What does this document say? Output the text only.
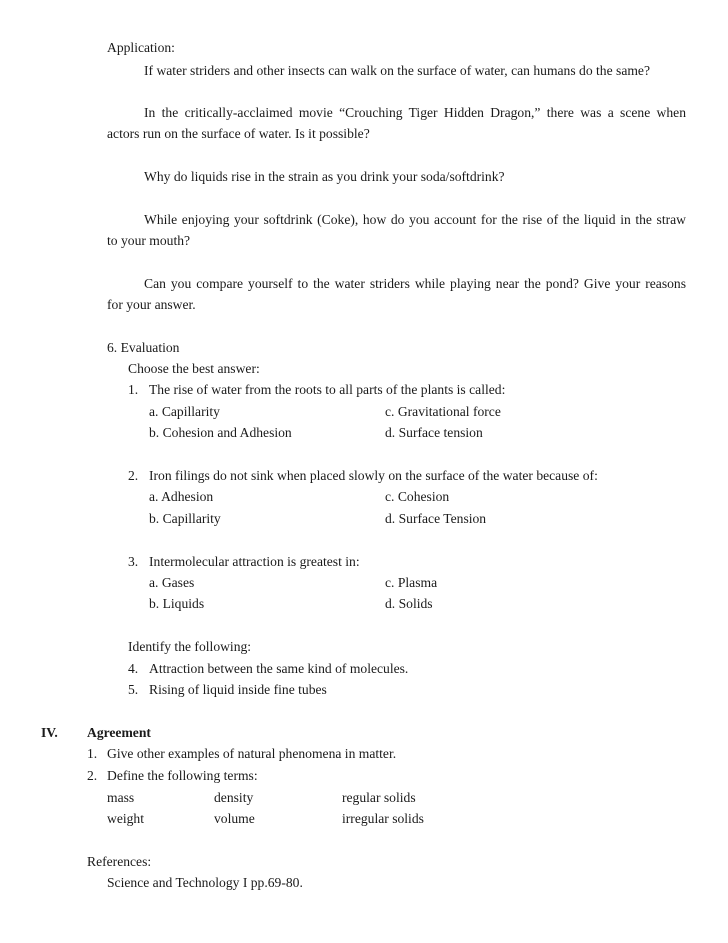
Application:
If water striders and other insects can walk on the surface of water, can humans do the same?
In the critically-acclaimed movie “Crouching Tiger Hidden Dragon,” there was a scene when
actors run on the surface of water. Is it possible?
Why do liquids rise in the strain as you drink your soda/softdrink?
While enjoying your softdrink (Coke), how do you account for the rise of the liquid in the straw
to your mouth?
Can you compare yourself to the water striders while playing near the pond? Give your reasons
for your answer.
6. Evaluation
Choose the best answer:
1. The rise of water from the roots to all parts of the plants is called:
a. Capillarity	c. Gravitational force
b. Cohesion and Adhesion	d. Surface tension
2. Iron filings do not sink when placed slowly on the surface of the water because of:
a. Adhesion	c. Cohesion
b. Capillarity	d. Surface Tension
3. Intermolecular attraction is greatest in:
a. Gases	c. Plasma
b. Liquids	d. Solids
Identify the following:
4. Attraction between the same kind of molecules.
5. Rising of liquid inside fine tubes
IV. Agreement
1. Give other examples of natural phenomena in matter.
2. Define the following terms:
mass	density	regular solids
weight	volume	irregular solids
References:
Science and Technology I pp.69-80.
